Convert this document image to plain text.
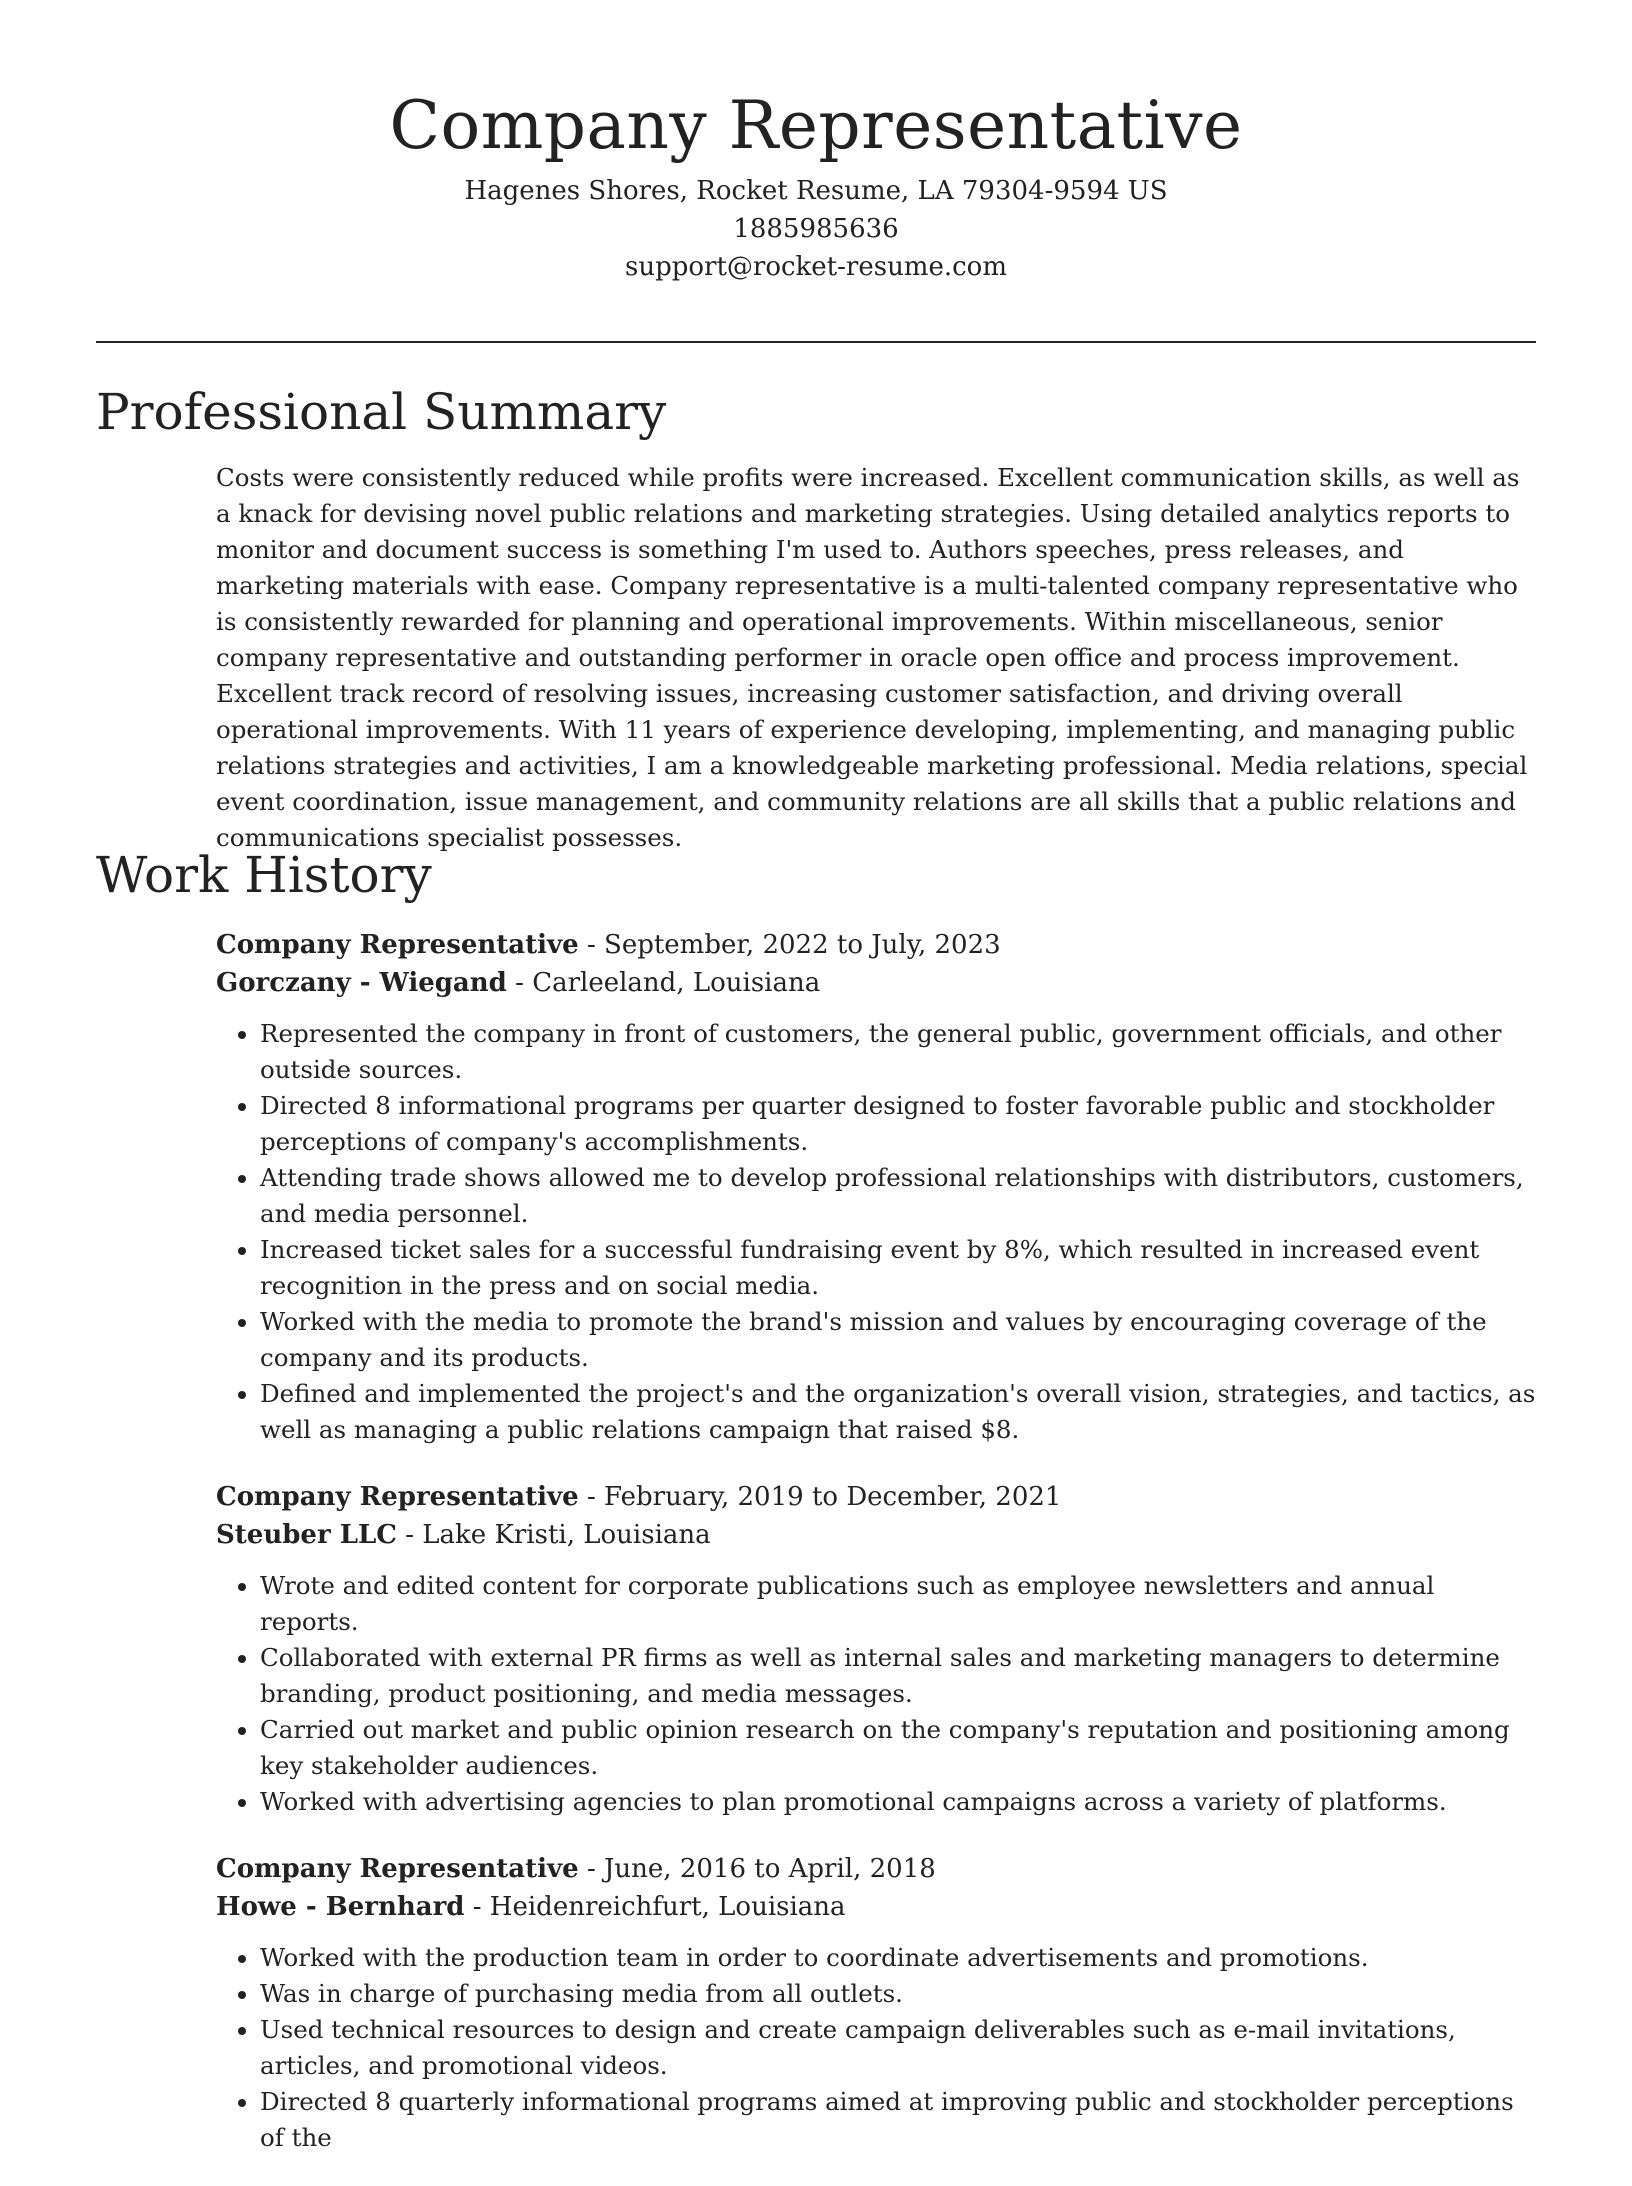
Company Representative
Hagenes Shores, Rocket Resume, LA 79304-9594 US
1885985636
support@rocket-resume.com
Professional Summary

Costs were consistently reduced while profits were increased. Excellent communication skills, as well as a knack for devising novel public relations and marketing strategies. Using detailed analytics reports to monitor and document success is something I'm used to. Authors speeches, press releases, and marketing materials with ease. Company representative is a multi-talented company representative who is consistently rewarded for planning and operational improvements. Within miscellaneous, senior company representative and outstanding performer in oracle open office and process improvement. Excellent track record of resolving issues, increasing customer satisfaction, and driving overall operational improvements. With 11 years of experience developing, implementing, and managing public relations strategies and activities, I am a knowledgeable marketing professional. Media relations, special event coordination, issue management, and community relations are all skills that a public relations and communications specialist possesses.

Work History
Company Representative - September, 2022 to July, 2023
Gorczany - Wiegand - Carleeland, Louisiana
• Represented the company in front of customers, the general public, government officials, and other outside sources.
• Directed 8 informational programs per quarter designed to foster favorable public and stockholder perceptions of company's accomplishments.
• Attending trade shows allowed me to develop professional relationships with distributors, customers, and media personnel.
• Increased ticket sales for a successful fundraising event by 8%, which resulted in increased event recognition in the press and on social media.
• Worked with the media to promote the brand's mission and values by encouraging coverage of the company and its products.
• Defined and implemented the project's and the organization's overall vision, strategies, and tactics, as well as managing a public relations campaign that raised $8.
Company Representative - February, 2019 to December, 2021
Steuber LLC - Lake Kristi, Louisiana
• Wrote and edited content for corporate publications such as employee newsletters and annual reports.
• Collaborated with external PR firms as well as internal sales and marketing managers to determine branding, product positioning, and media messages.
• Carried out market and public opinion research on the company's reputation and positioning among key stakeholder audiences.
• Worked with advertising agencies to plan promotional campaigns across a variety of platforms.
Company Representative - June, 2016 to April, 2018
Howe - Bernhard - Heidenreichfurt, Louisiana
• Worked with the production team in order to coordinate advertisements and promotions.
• Was in charge of purchasing media from all outlets.
• Used technical resources to design and create campaign deliverables such as e-mail invitations, articles, and promotional videos.
• Directed 8 quarterly informational programs aimed at improving public and stockholder perceptions of the
